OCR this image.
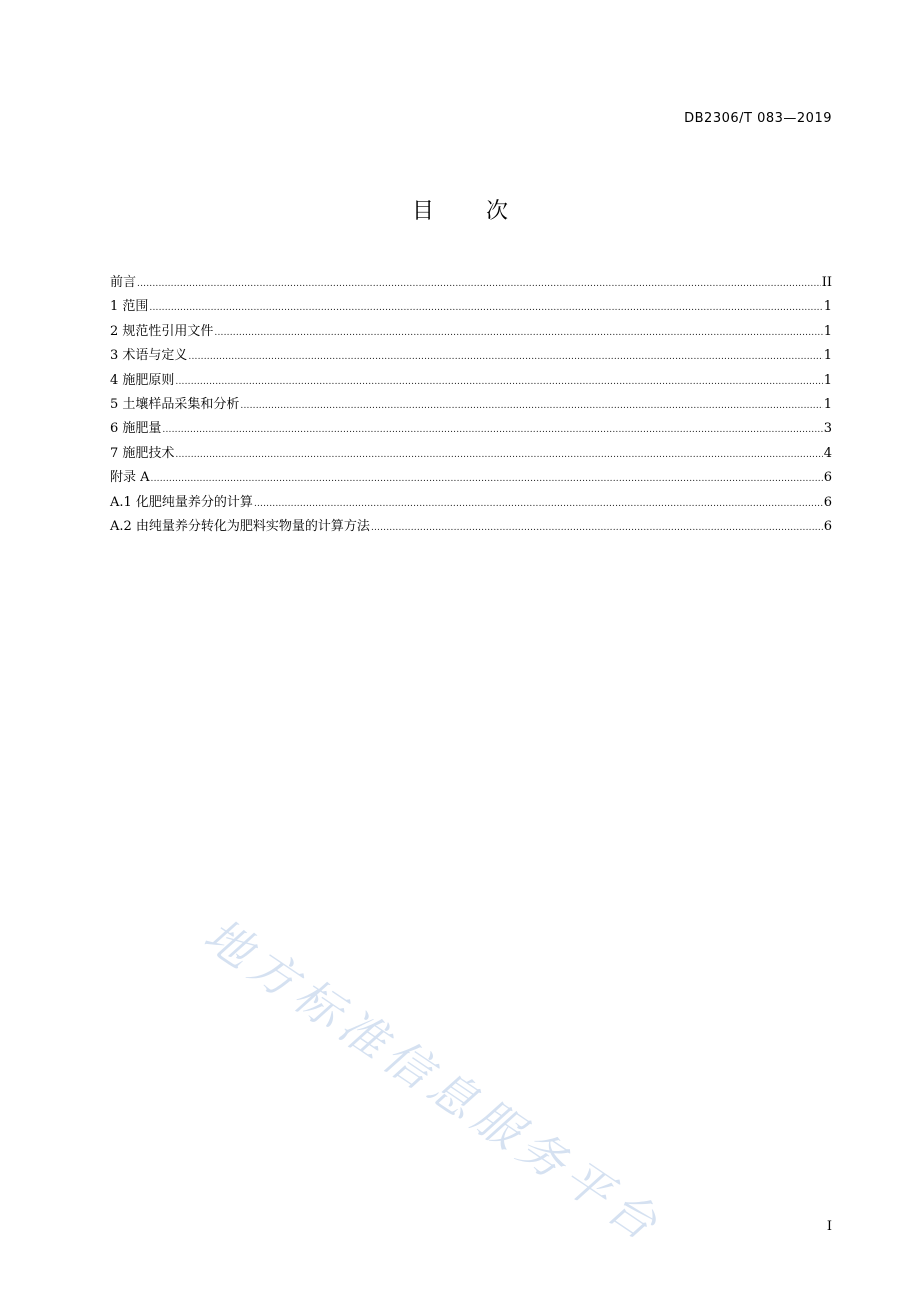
DB2306/T 083—2019
目 次
前言 .....	II
1 范围 .....	1
2 规范性引用文件 .....	1
3 术语与定义 .....	1
4 施肥原则 .....	1
5 土壤样品采集和分析 .....	1
6 施肥量 .....	3
7 施肥技术 .....	4
附录 A .....	6
A.1 化肥纯量养分的计算 .....	6
A.2 由纯量养分转化为肥料实物量的计算方法 .....	6
地方标准信息服务平台	I
